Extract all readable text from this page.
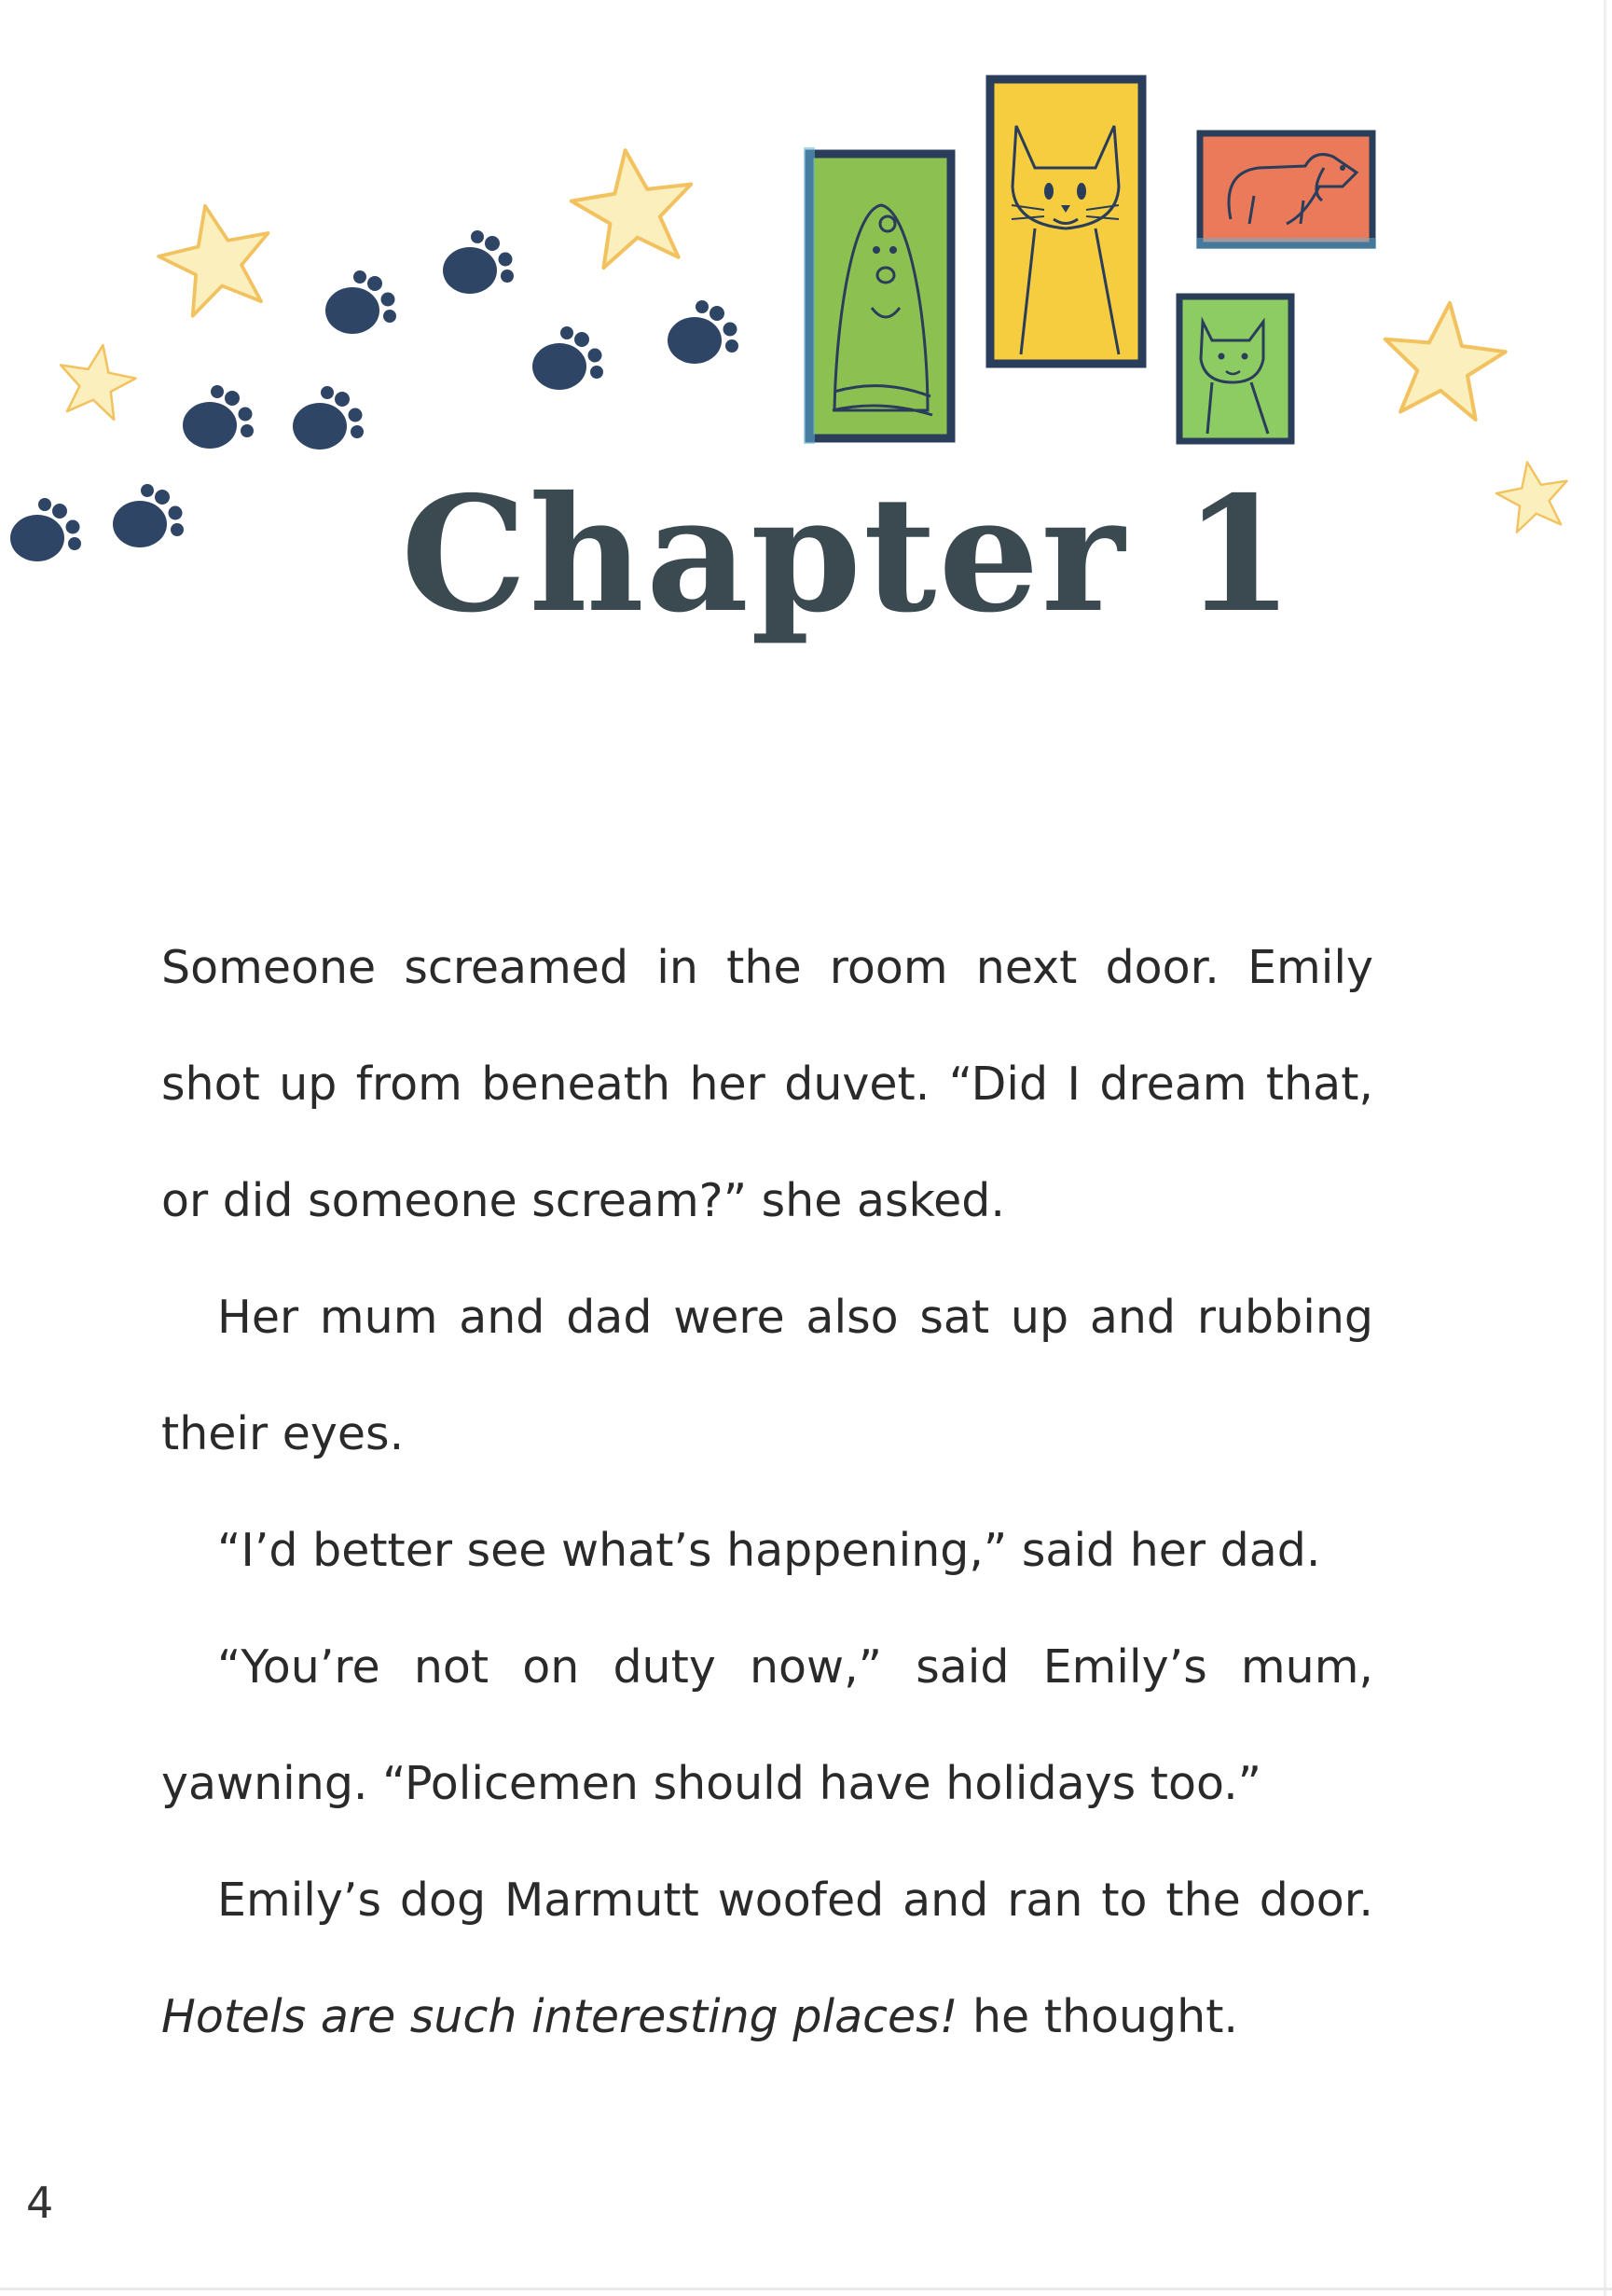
Chapter 1
Someone screamed in the room next door. Emily shot up from beneath her duvet. “Did I dream that, or did someone scream?” she asked.
Her mum and dad were also sat up and rubbing their eyes.
“I’d better see what’s happening,” said her dad.
“You’re not on duty now,” said Emily’s mum, yawning. “Policemen should have holidays too.”
Emily’s dog Marmutt woofed and ran to the door. Hotels are such interesting places! he thought.
4
